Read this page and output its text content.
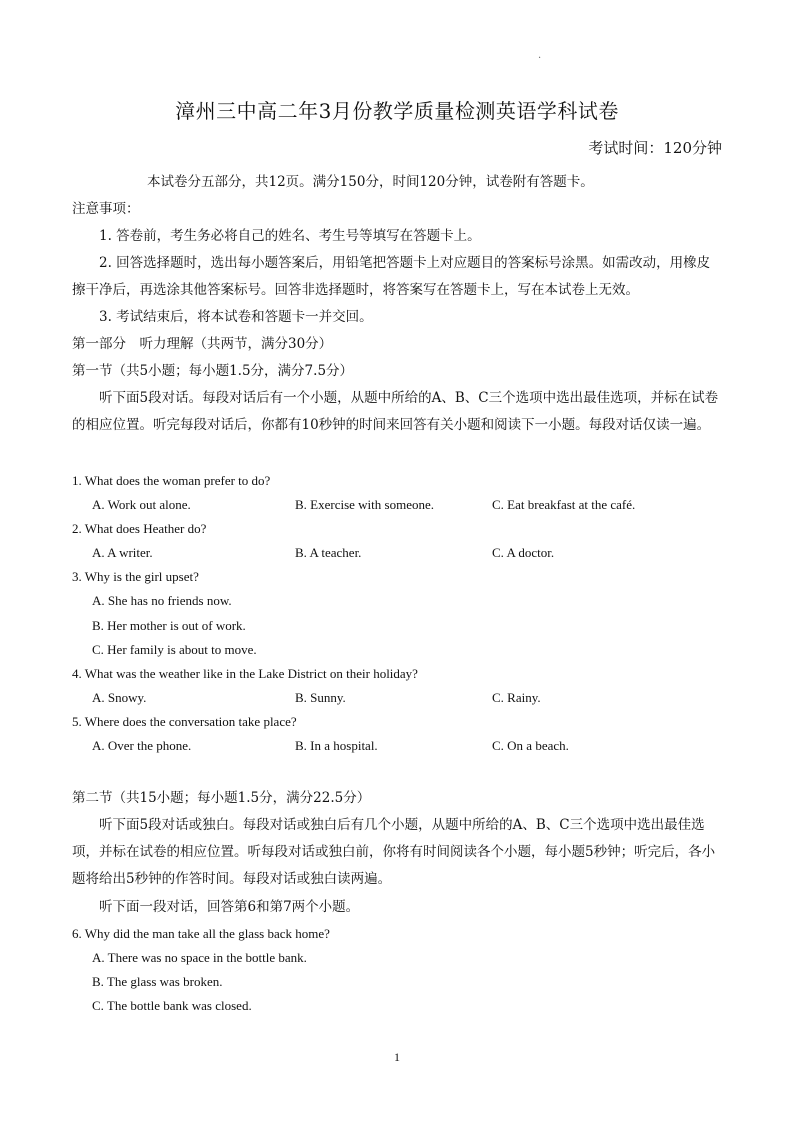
.
漳州三中高二年3月份教学质量检测英语学科试卷
考试时间：120分钟
本试卷分五部分，共12页。满分150分，时间120分钟，试卷附有答题卡。
注意事项：
1. 答卷前，考生务必将自己的姓名、考生号等填写在答题卡上。
2. 回答选择题时，选出每小题答案后，用铅笔把答题卡上对应题目的答案标号涂黑。如需改动，用橡皮擦干净后，再选涂其他答案标号。回答非选择题时，将答案写在答题卡上，写在本试卷上无效。
3. 考试结束后，将本试卷和答题卡一并交回。
第一部分　听力理解（共两节，满分30分）
第一节（共5小题；每小题1.5分，满分7.5分）
听下面5段对话。每段对话后有一个小题，从题中所给的A、B、C三个选项中选出最佳选项，并标在试卷的相应位置。听完每段对话后，你都有10秒钟的时间来回答有关小题和阅读下一小题。每段对话仅读一遍。
1. What does the woman prefer to do?
A. Work out alone.	B. Exercise with someone.	C. Eat breakfast at the café.
2. What does Heather do?
A. A writer.	B. A teacher.	C. A doctor.
3. Why is the girl upset?
A. She has no friends now.
B. Her mother is out of work.
C. Her family is about to move.
4. What was the weather like in the Lake District on their holiday?
A. Snowy.	B. Sunny.	C. Rainy.
5. Where does the conversation take place?
A. Over the phone.	B. In a hospital.	C. On a beach.
第二节（共15小题；每小题1.5分，满分22.5分）
听下面5段对话或独白。每段对话或独白后有几个小题，从题中所给的A、B、C三个选项中选出最佳选项，并标在试卷的相应位置。听每段对话或独白前，你将有时间阅读各个小题，每小题5秒钟；听完后，各小题将给出5秒钟的作答时间。每段对话或独白读两遍。
听下面一段对话，回答第6和第7两个小题。
6. Why did the man take all the glass back home?
A. There was no space in the bottle bank.
B. The glass was broken.
C. The bottle bank was closed.
1
